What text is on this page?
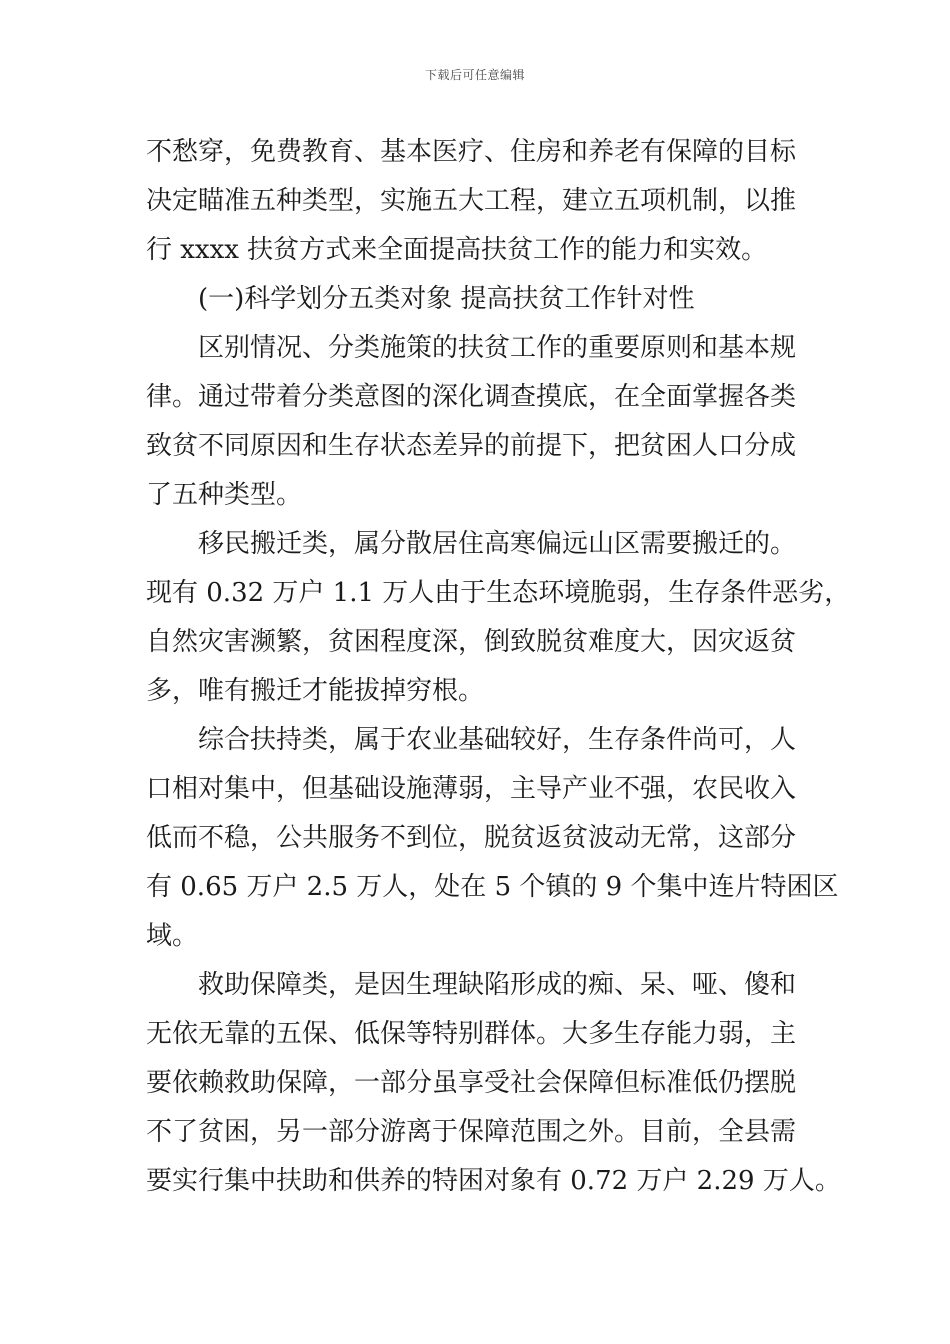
下载后可任意编辑
不愁穿，免费教育、基本医疗、住房和养老有保障的目标
决定瞄准五种类型，实施五大工程，建立五项机制，以推
行 xxxx 扶贫方式来全面提高扶贫工作的能力和实效。
(一)科学划分五类对象 提高扶贫工作针对性
区别情况、分类施策的扶贫工作的重要原则和基本规
律。通过带着分类意图的深化调查摸底，在全面掌握各类
致贫不同原因和生存状态差异的前提下，把贫困人口分成
了五种类型。
移民搬迁类，属分散居住高寒偏远山区需要搬迁的。
现有 0.32 万户 1.1 万人由于生态环境脆弱，生存条件恶劣，
自然灾害濒繁，贫困程度深，倒致脱贫难度大，因灾返贫
多，唯有搬迁才能拔掉穷根。
综合扶持类，属于农业基础较好，生存条件尚可，人
口相对集中，但基础设施薄弱，主导产业不强，农民收入
低而不稳，公共服务不到位，脱贫返贫波动无常，这部分
有 0.65 万户 2.5 万人，处在 5 个镇的 9 个集中连片特困区
域。
救助保障类，是因生理缺陷形成的痴、呆、哑、傻和
无依无靠的五保、低保等特别群体。大多生存能力弱，主
要依赖救助保障，一部分虽享受社会保障但标准低仍摆脱
不了贫困，另一部分游离于保障范围之外。目前，全县需
要实行集中扶助和供养的特困对象有 0.72 万户 2.29 万人。
